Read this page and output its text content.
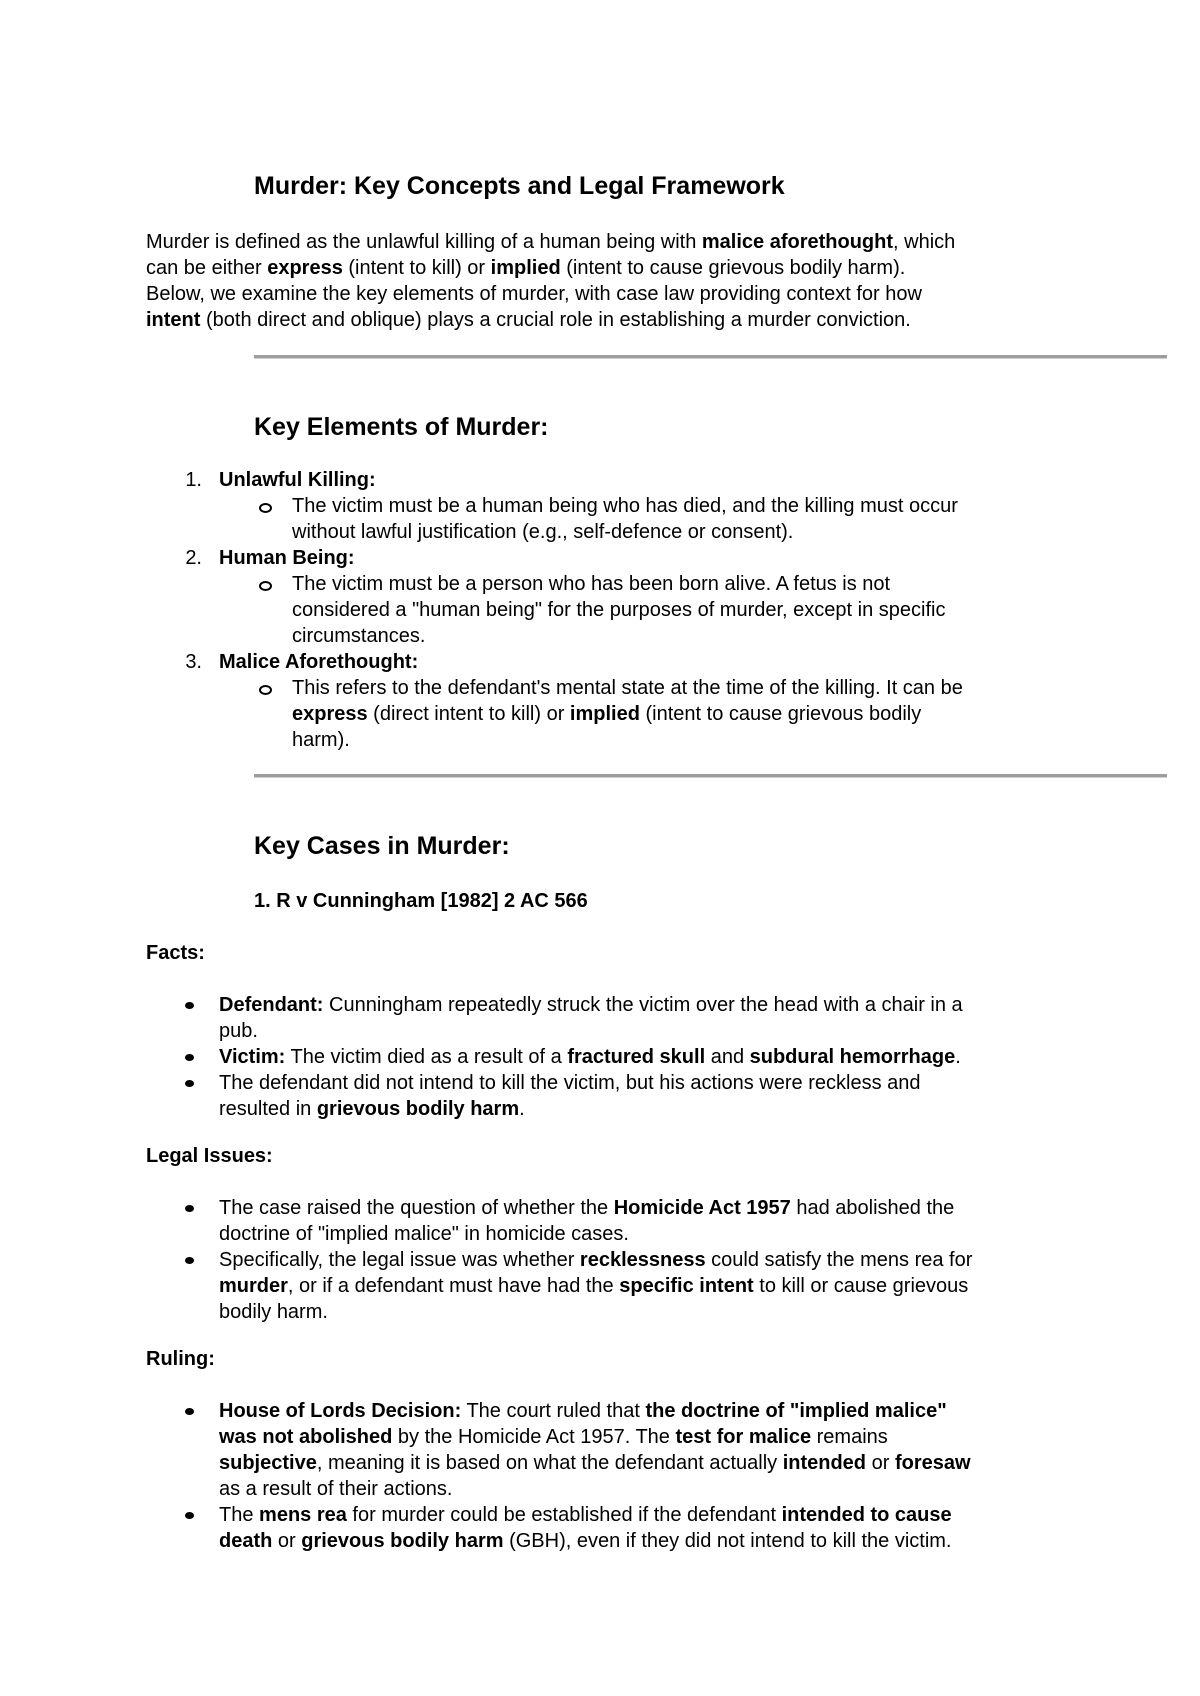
Murder: Key Concepts and Legal Framework
Murder is defined as the unlawful killing of a human being with malice aforethought, which
can be either express (intent to kill) or implied (intent to cause grievous bodily harm).
Below, we examine the key elements of murder, with case law providing context for how
intent (both direct and oblique) plays a crucial role in establishing a murder conviction.
Key Elements of Murder:
1. Unlawful Killing:
The victim must be a human being who has died, and the killing must occur
without lawful justification (e.g., self-defence or consent).
2. Human Being:
The victim must be a person who has been born alive. A fetus is not
considered a "human being" for the purposes of murder, except in specific
circumstances.
3. Malice Aforethought:
This refers to the defendant's mental state at the time of the killing. It can be
express (direct intent to kill) or implied (intent to cause grievous bodily
harm).
Key Cases in Murder:
1. R v Cunningham [1982] 2 AC 566
Facts:
Defendant: Cunningham repeatedly struck the victim over the head with a chair in a
pub.
Victim: The victim died as a result of a fractured skull and subdural hemorrhage.
The defendant did not intend to kill the victim, but his actions were reckless and
resulted in grievous bodily harm.
Legal Issues:
The case raised the question of whether the Homicide Act 1957 had abolished the
doctrine of "implied malice" in homicide cases.
Specifically, the legal issue was whether recklessness could satisfy the mens rea for
murder, or if a defendant must have had the specific intent to kill or cause grievous
bodily harm.
Ruling:
House of Lords Decision: The court ruled that the doctrine of "implied malice"
was not abolished by the Homicide Act 1957. The test for malice remains
subjective, meaning it is based on what the defendant actually intended or foresaw
as a result of their actions.
The mens rea for murder could be established if the defendant intended to cause
death or grievous bodily harm (GBH), even if they did not intend to kill the victim.
